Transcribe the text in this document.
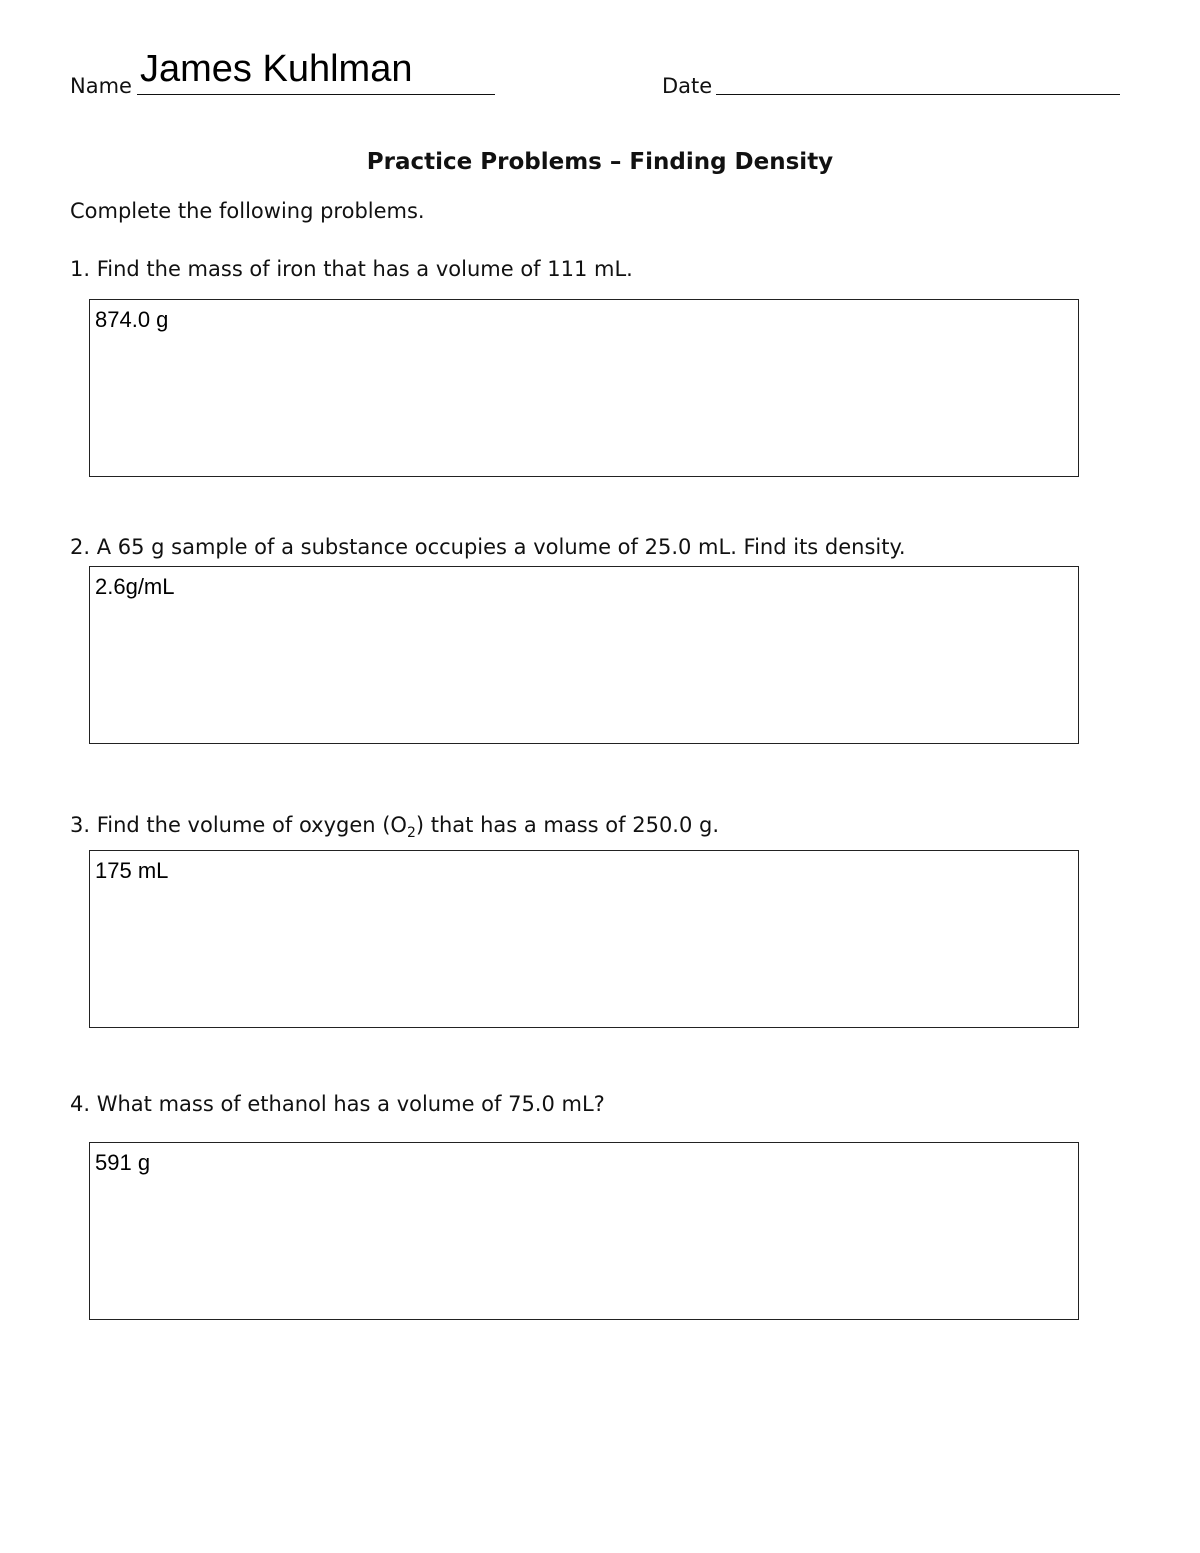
Name James Kuhlman	Date
Practice Problems – Finding Density
Complete the following problems.
1. Find the mass of iron that has a volume of 111 mL.
874.0 g
2. A 65 g sample of a substance occupies a volume of 25.0 mL. Find its density.
2.6g/mL
3. Find the volume of oxygen $(O_2)$ that has a mass of 250.0 g.
175 mL
4. What mass of ethanol has a volume of 75.0 mL?
591 g
